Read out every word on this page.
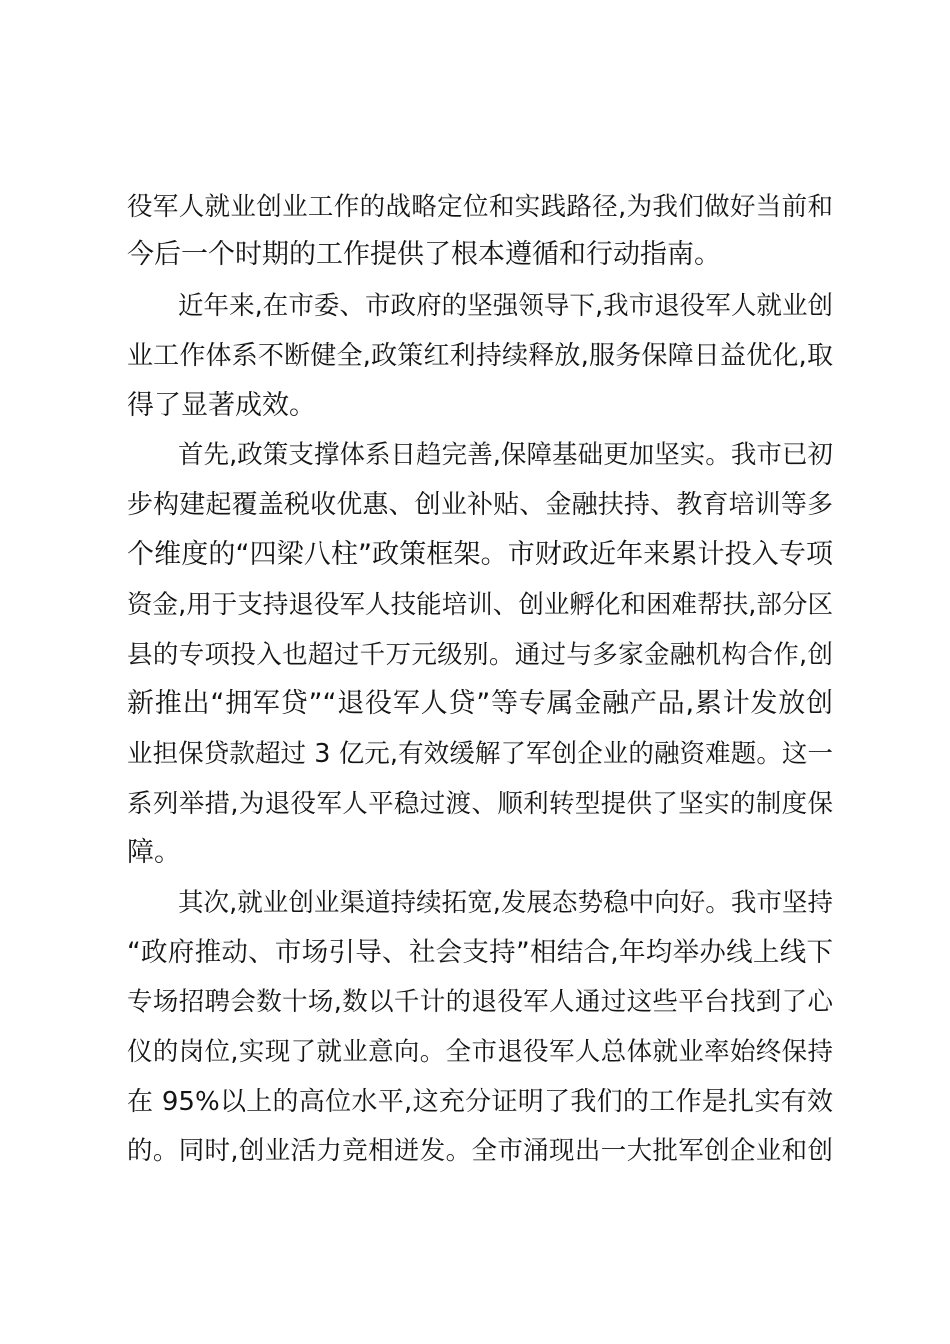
役军人就业创业工作的战略定位和实践路径,为我们做好当前和
今后一个时期的工作提供了根本遵循和行动指南。
近年来,在市委、市政府的坚强领导下,我市退役军人就业创
业工作体系不断健全,政策红利持续释放,服务保障日益优化,取
得了显著成效。
首先,政策支撑体系日趋完善,保障基础更加坚实。我市已初
步构建起覆盖税收优惠、创业补贴、金融扶持、教育培训等多
个维度的“四梁八柱”政策框架。市财政近年来累计投入专项
资金,用于支持退役军人技能培训、创业孵化和困难帮扶,部分区
县的专项投入也超过千万元级别。通过与多家金融机构合作,创
新推出“拥军贷”“退役军人贷”等专属金融产品,累计发放创
业担保贷款超过 3 亿元,有效缓解了军创企业的融资难题。这一
系列举措,为退役军人平稳过渡、顺利转型提供了坚实的制度保
障。
其次,就业创业渠道持续拓宽,发展态势稳中向好。我市坚持
“政府推动、市场引导、社会支持”相结合,年均举办线上线下
专场招聘会数十场,数以千计的退役军人通过这些平台找到了心
仪的岗位,实现了就业意向。全市退役军人总体就业率始终保持
在 95%以上的高位水平,这充分证明了我们的工作是扎实有效
的。同时,创业活力竞相迸发。全市涌现出一大批军创企业和创
